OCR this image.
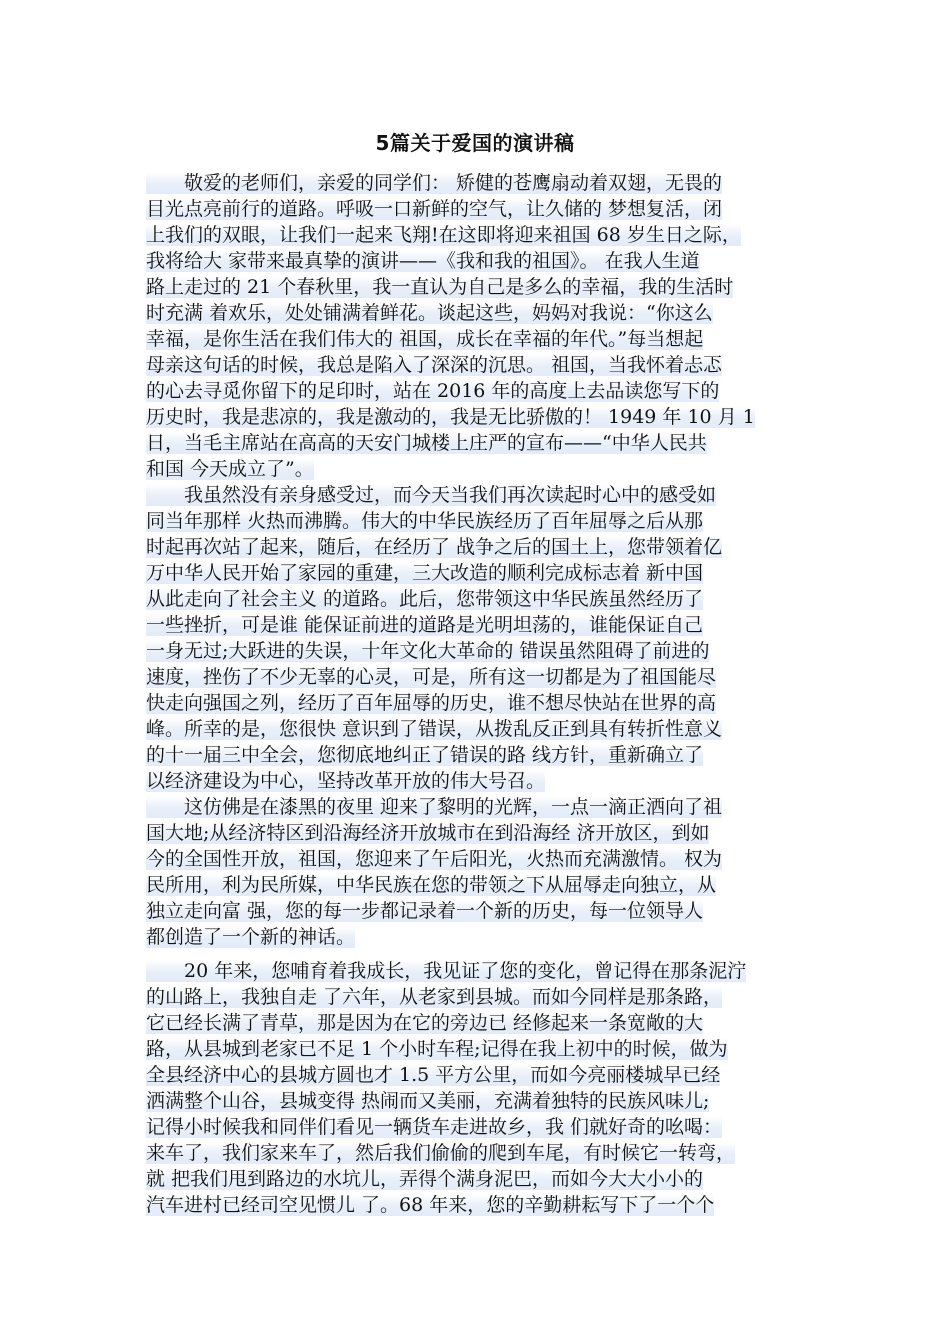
5篇关于爱国的演讲稿
　　敬爱的老师们，亲爱的同学们： 矫健的苍鹰扇动着双翅，无畏的
目光点亮前行的道路。呼吸一口新鲜的空气，让久储的 梦想复活，闭
上我们的双眼，让我们一起来飞翔!在这即将迎来祖国 68 岁生日之际，
我将给大 家带来最真挚的演讲——《我和我的祖国》。 在我人生道
路上走过的 21 个春秋里，我一直认为自己是多么的幸福，我的生活时
时充满 着欢乐，处处铺满着鲜花。谈起这些，妈妈对我说：“你这么
幸福，是你生活在我们伟大的 祖国，成长在幸福的年代。”每当想起
母亲这句话的时候，我总是陷入了深深的沉思。 祖国，当我怀着忐忑
的心去寻觅你留下的足印时，站在 2016 年的高度上去品读您写下的
历史时，我是悲凉的，我是激动的，我是无比骄傲的！ 1949 年 10 月 1
日，当毛主席站在高高的天安门城楼上庄严的宣布——“中华人民共
和国 今天成立了”。
　　我虽然没有亲身感受过，而今天当我们再次读起时心中的感受如
同当年那样 火热而沸腾。伟大的中华民族经历了百年屈辱之后从那
时起再次站了起来，随后，在经历了 战争之后的国土上，您带领着亿
万中华人民开始了家园的重建，三大改造的顺利完成标志着 新中国
从此走向了社会主义 的道路。此后，您带领这中华民族虽然经历了
一些挫折，可是谁 能保证前进的道路是光明坦荡的，谁能保证自己
一身无过;大跃进的失误，十年文化大革命的 错误虽然阻碍了前进的
速度，挫伤了不少无辜的心灵，可是，所有这一切都是为了祖国能尽
快走向强国之列，经历了百年屈辱的历史，谁不想尽快站在世界的高
峰。所幸的是，您很快 意识到了错误，从拨乱反正到具有转折性意义
的十一届三中全会，您彻底地纠正了错误的路 线方针，重新确立了
以经济建设为中心，坚持改革开放的伟大号召。
　　这仿佛是在漆黑的夜里 迎来了黎明的光辉，一点一滴正洒向了祖
国大地;从经济特区到沿海经济开放城市在到沿海经 济开放区，到如
今的全国性开放，祖国，您迎来了午后阳光，火热而充满激情。 权为
民所用，利为民所媒，中华民族在您的带领之下从屈辱走向独立，从
独立走向富 强，您的每一步都记录着一个新的历史，每一位领导人
都创造了一个新的神话。
　　20 年来，您哺育着我成长，我见证了您的变化，曾记得在那条泥泞
的山路上，我独自走 了六年，从老家到县城。而如今同样是那条路，
它已经长满了青草，那是因为在它的旁边已 经修起来一条宽敞的大
路，从县城到老家已不足 1 个小时车程;记得在我上初中的时候，做为
全县经济中心的县城方圆也才 1.5 平方公里，而如今亮丽楼城早已经
洒满整个山谷，县城变得 热闹而又美丽，充满着独特的民族风味儿;
记得小时候我和同伴们看见一辆货车走进故乡，我 们就好奇的吆喝：
来车了，我们家来车了，然后我们偷偷的爬到车尾，有时候它一转弯，
就 把我们甩到路边的水坑儿，弄得个满身泥巴，而如今大大小小的
汽车进村已经司空见惯儿 了。68 年来，您的辛勤耕耘写下了一个个
